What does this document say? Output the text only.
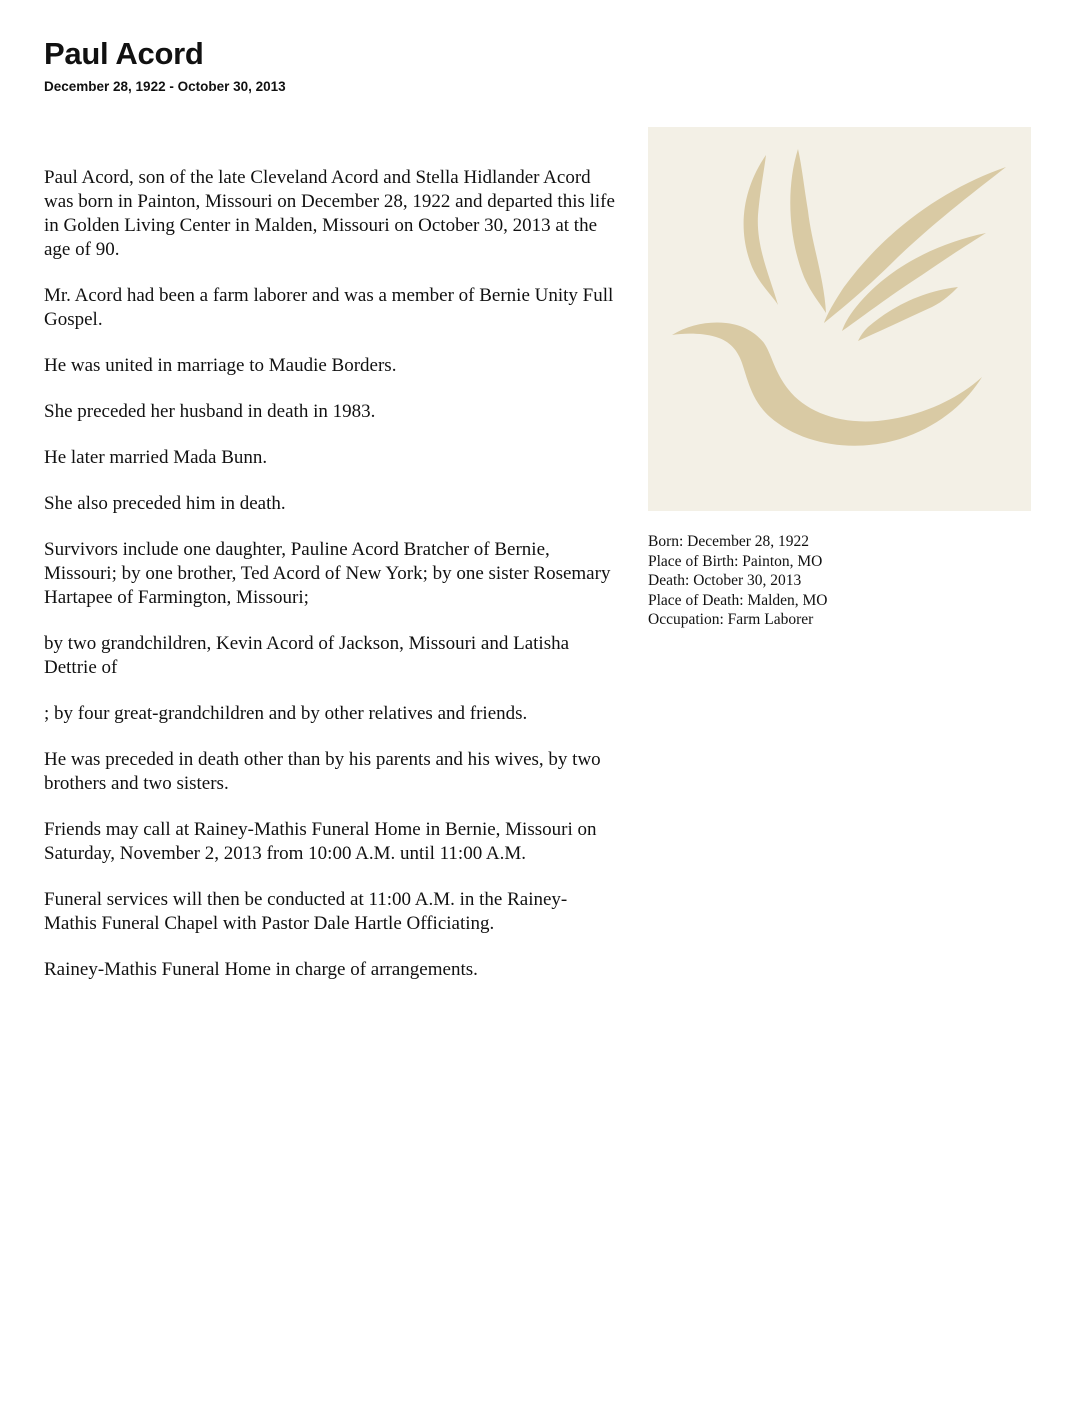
Paul Acord
December 28, 1922 - October 30, 2013

Paul Acord, son of the late Cleveland Acord and Stella Hidlander Acord was born in Painton, Missouri on December 28, 1922 and departed this life in Golden Living Center in Malden, Missouri on October 30, 2013 at the age of 90.

Mr. Acord had been a farm laborer and was a member of Bernie Unity Full Gospel.

He was united in marriage to Maudie Borders.

She preceded her husband in death in 1983.

He later married Mada Bunn.

She also preceded him in death.

Survivors include one daughter, Pauline Acord Bratcher of Bernie, Missouri; by one brother, Ted Acord of New York; by one sister Rosemary Hartapee of Farmington, Missouri;

by two grandchildren, Kevin Acord of Jackson, Missouri and Latisha Dettrie of

; by four great-grandchildren and by other relatives and friends.

He was preceded in death other than by his parents and his wives, by two brothers and two sisters.

Friends may call at Rainey-Mathis Funeral Home in Bernie, Missouri on Saturday, November 2, 2013 from 10:00 A.M. until 11:00 A.M.

Funeral services will then be conducted at 11:00 A.M. in the Rainey-Mathis Funeral Chapel with Pastor Dale Hartle Officiating.

Rainey-Mathis Funeral Home in charge of arrangements.

Born: December 28, 1922
Place of Birth: Painton, MO
Death: October 30, 2013
Place of Death: Malden, MO
Occupation: Farm Laborer
